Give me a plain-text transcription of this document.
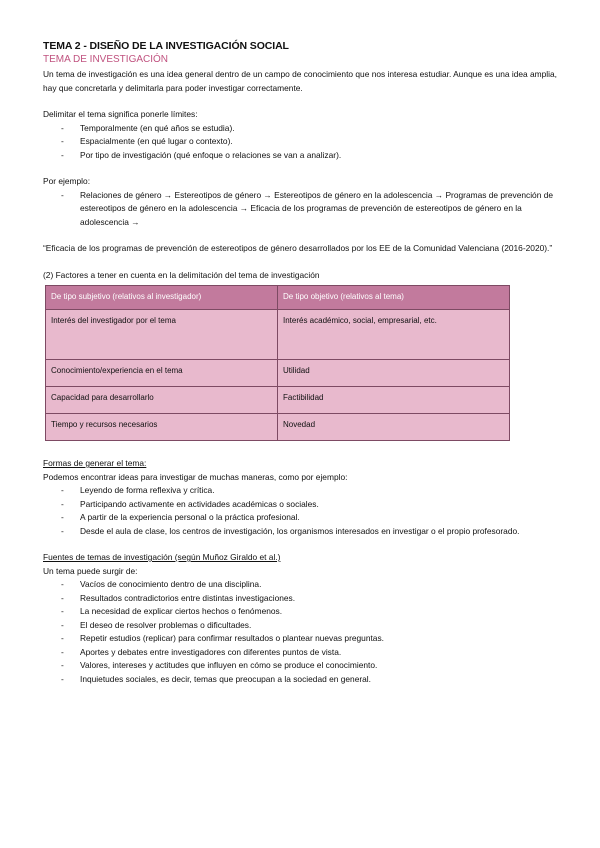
TEMA 2 - DISEÑO DE LA INVESTIGACIÓN SOCIAL
TEMA DE INVESTIGACIÓN

Un tema de investigación es una idea general dentro de un campo de conocimiento que nos interesa estudiar. Aunque es una idea amplia, hay que concretarla y delimitarla para poder investigar correctamente.

Delimitar el tema significa ponerle límites:

- Temporalmente (en qué años se estudia).
- Espacialmente (en qué lugar o contexto).
- Por tipo de investigación (qué enfoque o relaciones se van a analizar).

Por ejemplo:

- Relaciones de género → Estereotipos de género → Estereotipos de género en la adolescencia → Programas de prevención de estereotipos de género en la adolescencia → Eficacia de los programas de prevención de estereotipos de género en la adolescencia →

“Eficacia de los programas de prevención de estereotipos de género desarrollados por los EE de la Comunidad Valenciana (2016-2020).”

(2) Factores a tener en cuenta en la delimitación del tema de investigación

De tipo subjetivo (relativos al investigador)	De tipo objetivo (relativos al tema)
Interés del investigador por el tema	Interés académico, social, empresarial, etc.
Conocimiento/experiencia en el tema	Utilidad
Capacidad para desarrollarlo	Factibilidad
Tiempo y recursos necesarios	Novedad

Formas de generar el tema:

Podemos encontrar ideas para investigar de muchas maneras, como por ejemplo:

- Leyendo de forma reflexiva y crítica.
- Participando activamente en actividades académicas o sociales.
- A partir de la experiencia personal o la práctica profesional.
- Desde el aula de clase, los centros de investigación, los organismos interesados en investigar o el propio profesorado.

Fuentes de temas de investigación (según Muñoz Giraldo et al.)

Un tema puede surgir de:

- Vacíos de conocimiento dentro de una disciplina.
- Resultados contradictorios entre distintas investigaciones.
- La necesidad de explicar ciertos hechos o fenómenos.
- El deseo de resolver problemas o dificultades.
- Repetir estudios (replicar) para confirmar resultados o plantear nuevas preguntas.
- Aportes y debates entre investigadores con diferentes puntos de vista.
- Valores, intereses y actitudes que influyen en cómo se produce el conocimiento.
- Inquietudes sociales, es decir, temas que preocupan a la sociedad en general.
